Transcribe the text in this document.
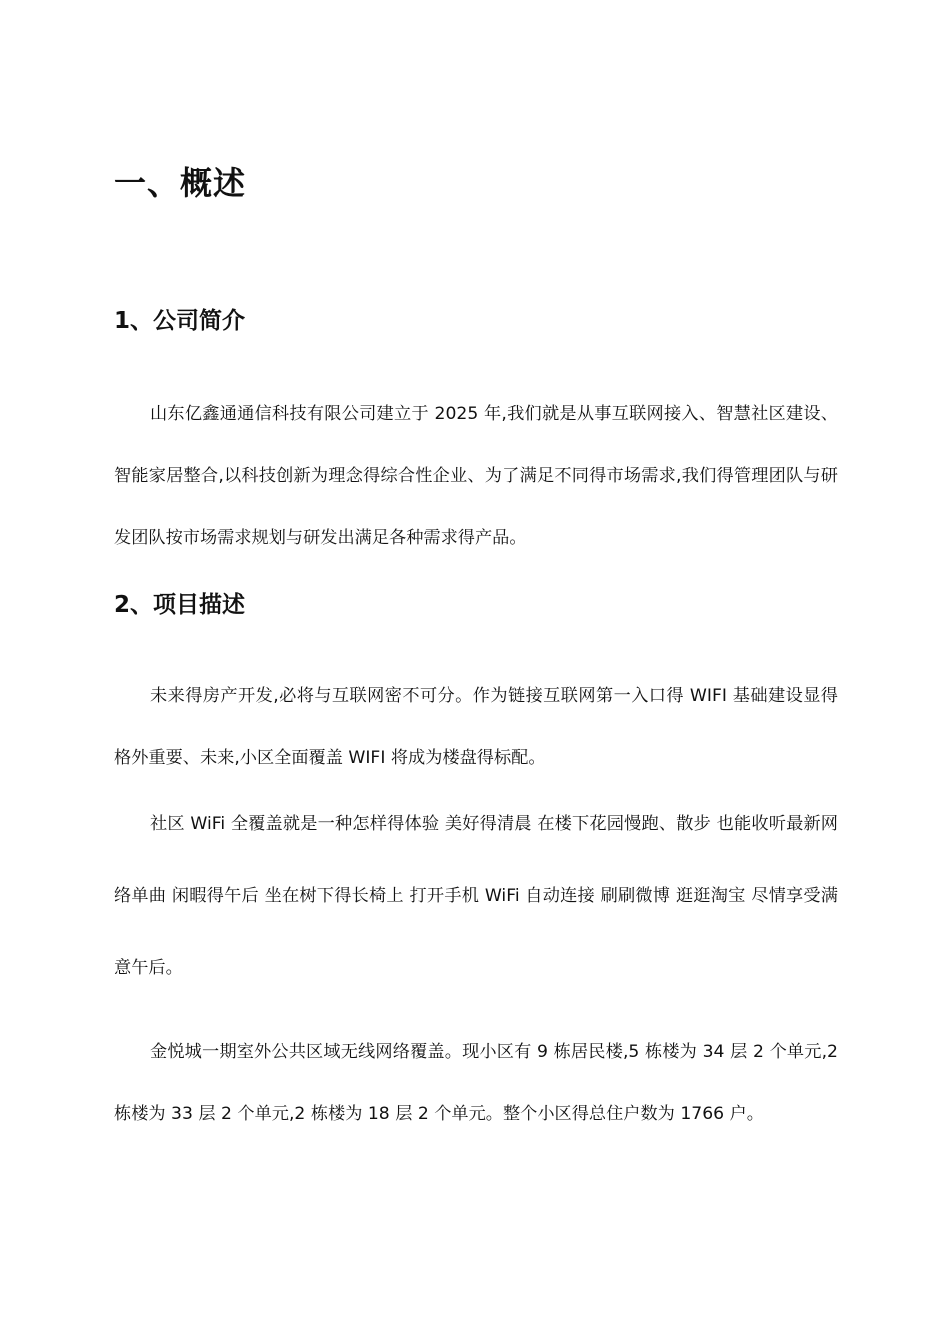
一、概述
1、公司简介

山东亿鑫通通信科技有限公司建立于 2025 年,我们就是从事互联网接入、智慧社区建设、智能家居整合,以科技创新为理念得综合性企业、为了满足不同得市场需求,我们得管理团队与研发团队按市场需求规划与研发出满足各种需求得产品。

2、项目描述

未来得房产开发,必将与互联网密不可分。作为链接互联网第一入口得 WIFI 基础建设显得格外重要、未来,小区全面覆盖 WIFI 将成为楼盘得标配。

社区 WiFi 全覆盖就是一种怎样得体验 美好得清晨 在楼下花园慢跑、散步 也能收听最新网络单曲 闲暇得午后 坐在树下得长椅上 打开手机 WiFi 自动连接 刷刷微博 逛逛淘宝 尽情享受满意午后。

金悦城一期室外公共区域无线网络覆盖。现小区有 9 栋居民楼,5 栋楼为 34 层 2 个单元,2 栋楼为 33 层 2 个单元,2 栋楼为 18 层 2 个单元。整个小区得总住户数为 1766 户。
